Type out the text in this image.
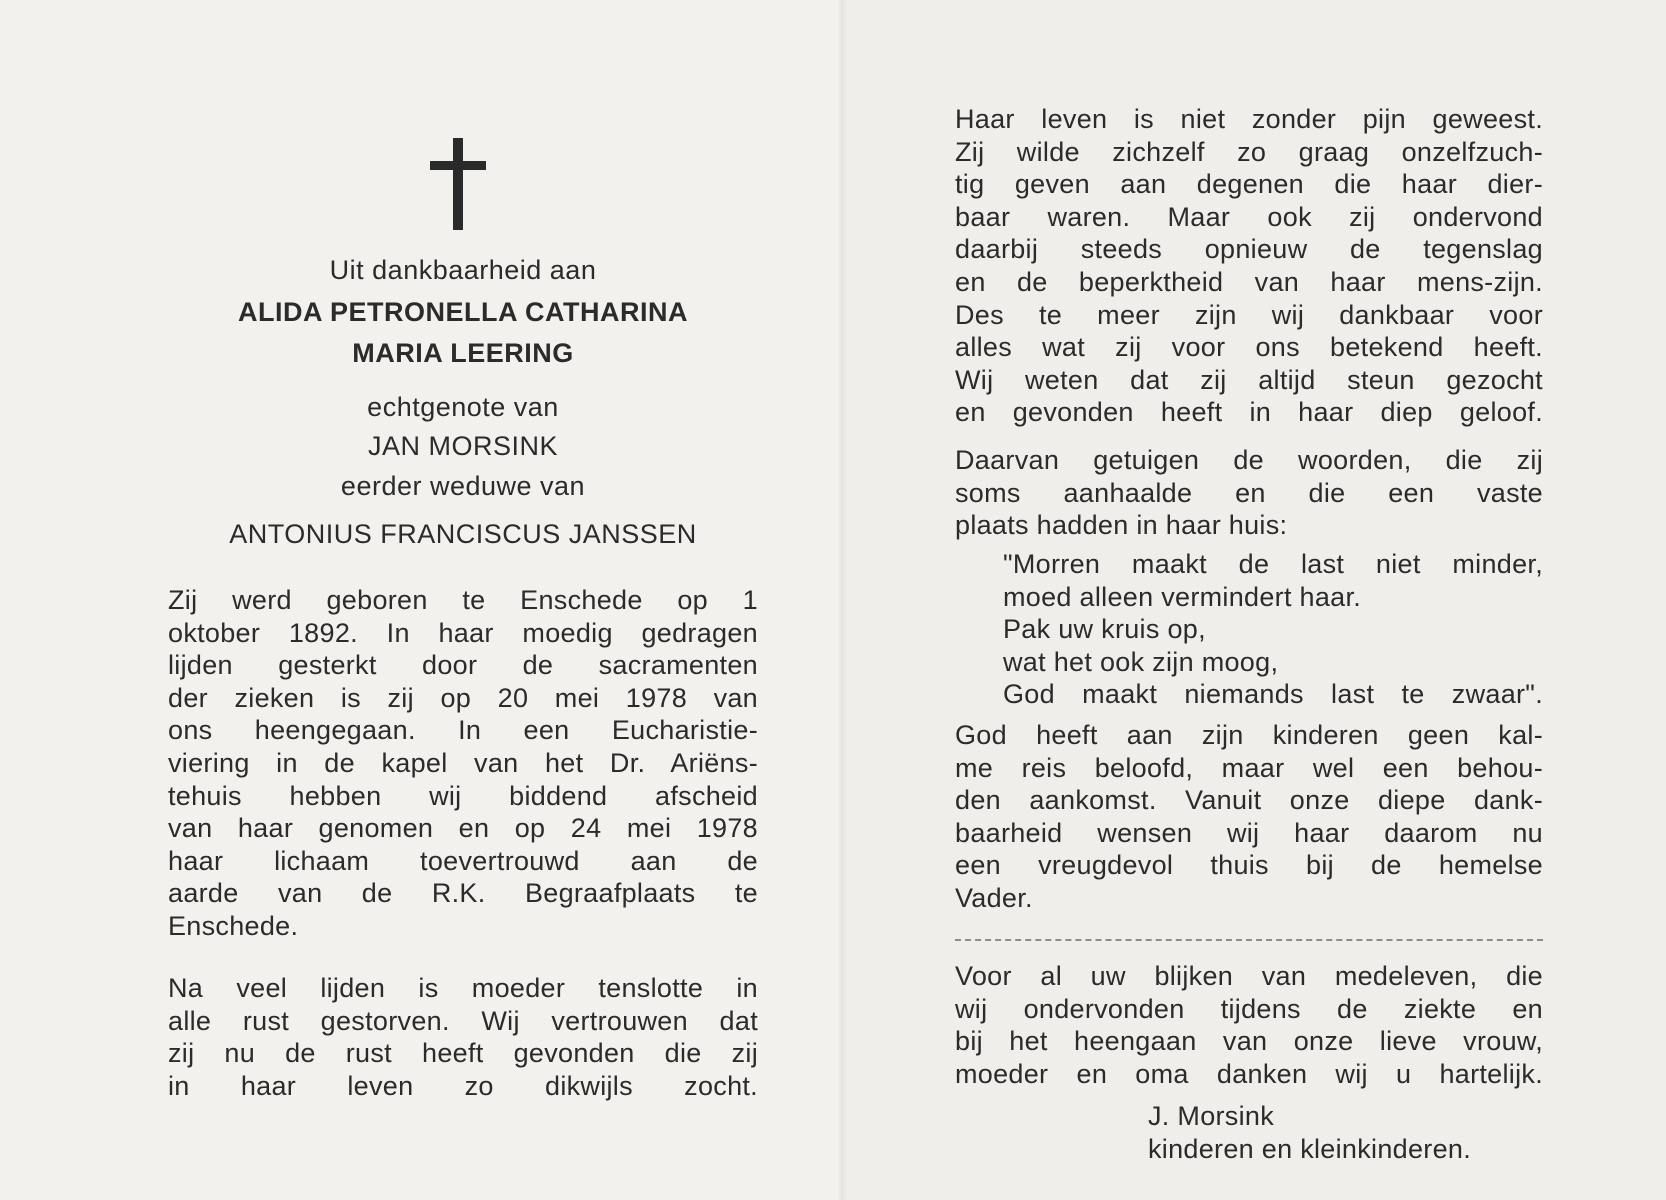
Uit dankbaarheid aan
ALIDA PETRONELLA CATHARINA
MARIA LEERING
echtgenote van
JAN MORSINK
eerder weduwe van
ANTONIUS FRANCISCUS JANSSEN
Zij werd geboren te Enschede op 1
oktober 1892. In haar moedig gedragen
lijden gesterkt door de sacramenten
der zieken is zij op 20 mei 1978 van
ons heengegaan. In een Eucharistie-
viering in de kapel van het Dr. Ariëns-
tehuis hebben wij biddend afscheid
van haar genomen en op 24 mei 1978
haar lichaam toevertrouwd aan de
aarde van de R.K. Begraafplaats te
Enschede.
Na veel lijden is moeder tenslotte in
alle rust gestorven. Wij vertrouwen dat
zij nu de rust heeft gevonden die zij
in haar leven zo dikwijls zocht.
Haar leven is niet zonder pijn geweest.
Zij wilde zichzelf zo graag onzelfzuch-
tig geven aan degenen die haar dier-
baar waren. Maar ook zij ondervond
daarbij steeds opnieuw de tegenslag
en de beperktheid van haar mens-zijn.
Des te meer zijn wij dankbaar voor
alles wat zij voor ons betekend heeft.
Wij weten dat zij altijd steun gezocht
en gevonden heeft in haar diep geloof.
Daarvan getuigen de woorden, die zij
soms aanhaalde en die een vaste
plaats hadden in haar huis:
"Morren maakt de last niet minder,
moed alleen vermindert haar.
Pak uw kruis op,
wat het ook zijn moog,
God maakt niemands last te zwaar".
God heeft aan zijn kinderen geen kal-
me reis beloofd, maar wel een behou-
den aankomst. Vanuit onze diepe dank-
baarheid wensen wij haar daarom nu
een vreugdevol thuis bij de hemelse
Vader.
Voor al uw blijken van medeleven, die
wij ondervonden tijdens de ziekte en
bij het heengaan van onze lieve vrouw,
moeder en oma danken wij u hartelijk.
J. Morsink
kinderen en kleinkinderen.
